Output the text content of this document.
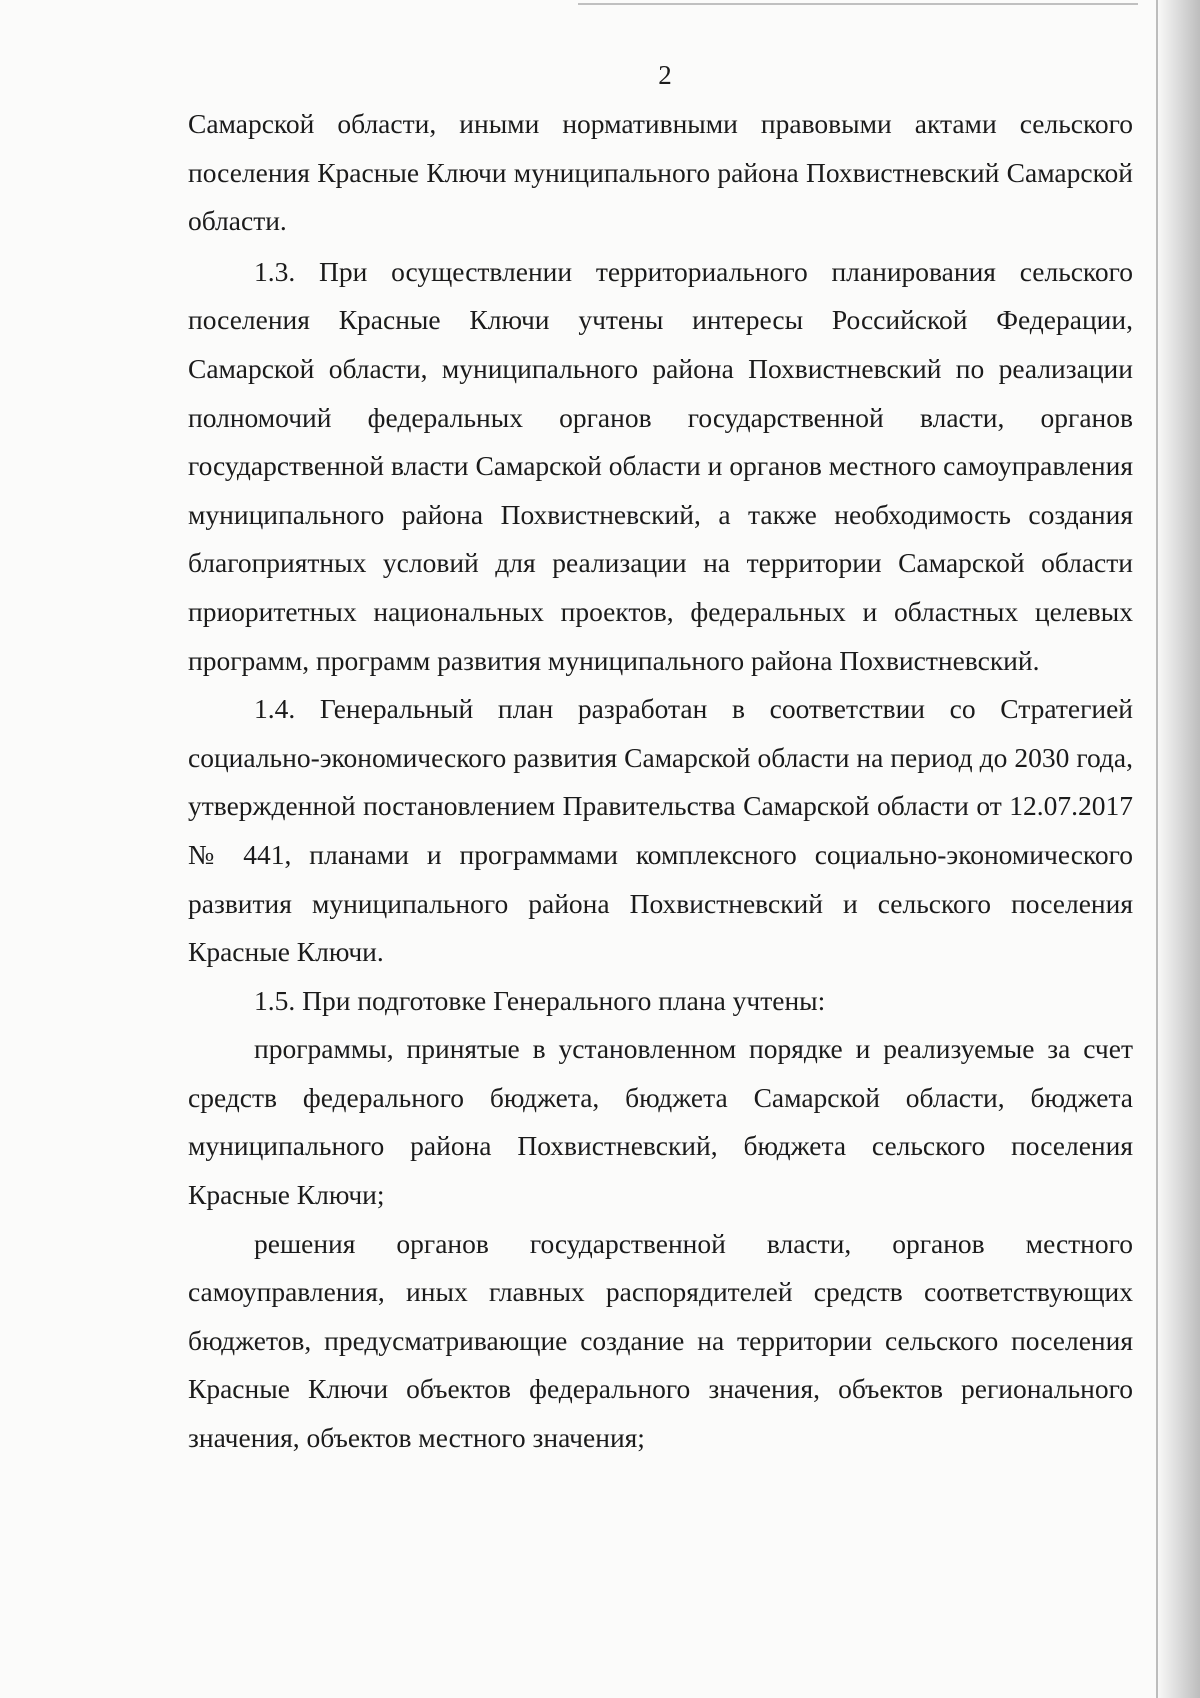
2

Самарской области, иными нормативными правовыми актами сельского поселения Красные Ключи муниципального района Похвистневский Самарской области.

1.3. При осуществлении территориального планирования сельского поселения Красные Ключи учтены интересы Российской Федерации, Самарской области, муниципального района Похвистневский по реализации полномочий федеральных органов государственной власти, органов государственной власти Самарской области и органов местного самоуправления муниципального района Похвистневский, а также необходимость создания благоприятных условий для реализации на территории Самарской области приоритетных национальных проектов, федеральных и областных целевых программ, программ развития муниципального района Похвистневский.

1.4. Генеральный план разработан в соответствии со Стратегией социально-экономического развития Самарской области на период до 2030 года, утвержденной постановлением Правительства Самарской области от 12.07.2017 № 441, планами и программами комплексного социально-экономического развития муниципального района Похвистневский и сельского поселения Красные Ключи.

1.5. При подготовке Генерального плана учтены:

программы, принятые в установленном порядке и реализуемые за счет средств федерального бюджета, бюджета Самарской области, бюджета муниципального района Похвистневский, бюджета сельского поселения Красные Ключи;

решения органов государственной власти, органов местного самоуправления, иных главных распорядителей средств соответствующих бюджетов, предусматривающие создание на территории сельского поселения Красные Ключи объектов федерального значения, объектов регионального значения, объектов местного значения;
